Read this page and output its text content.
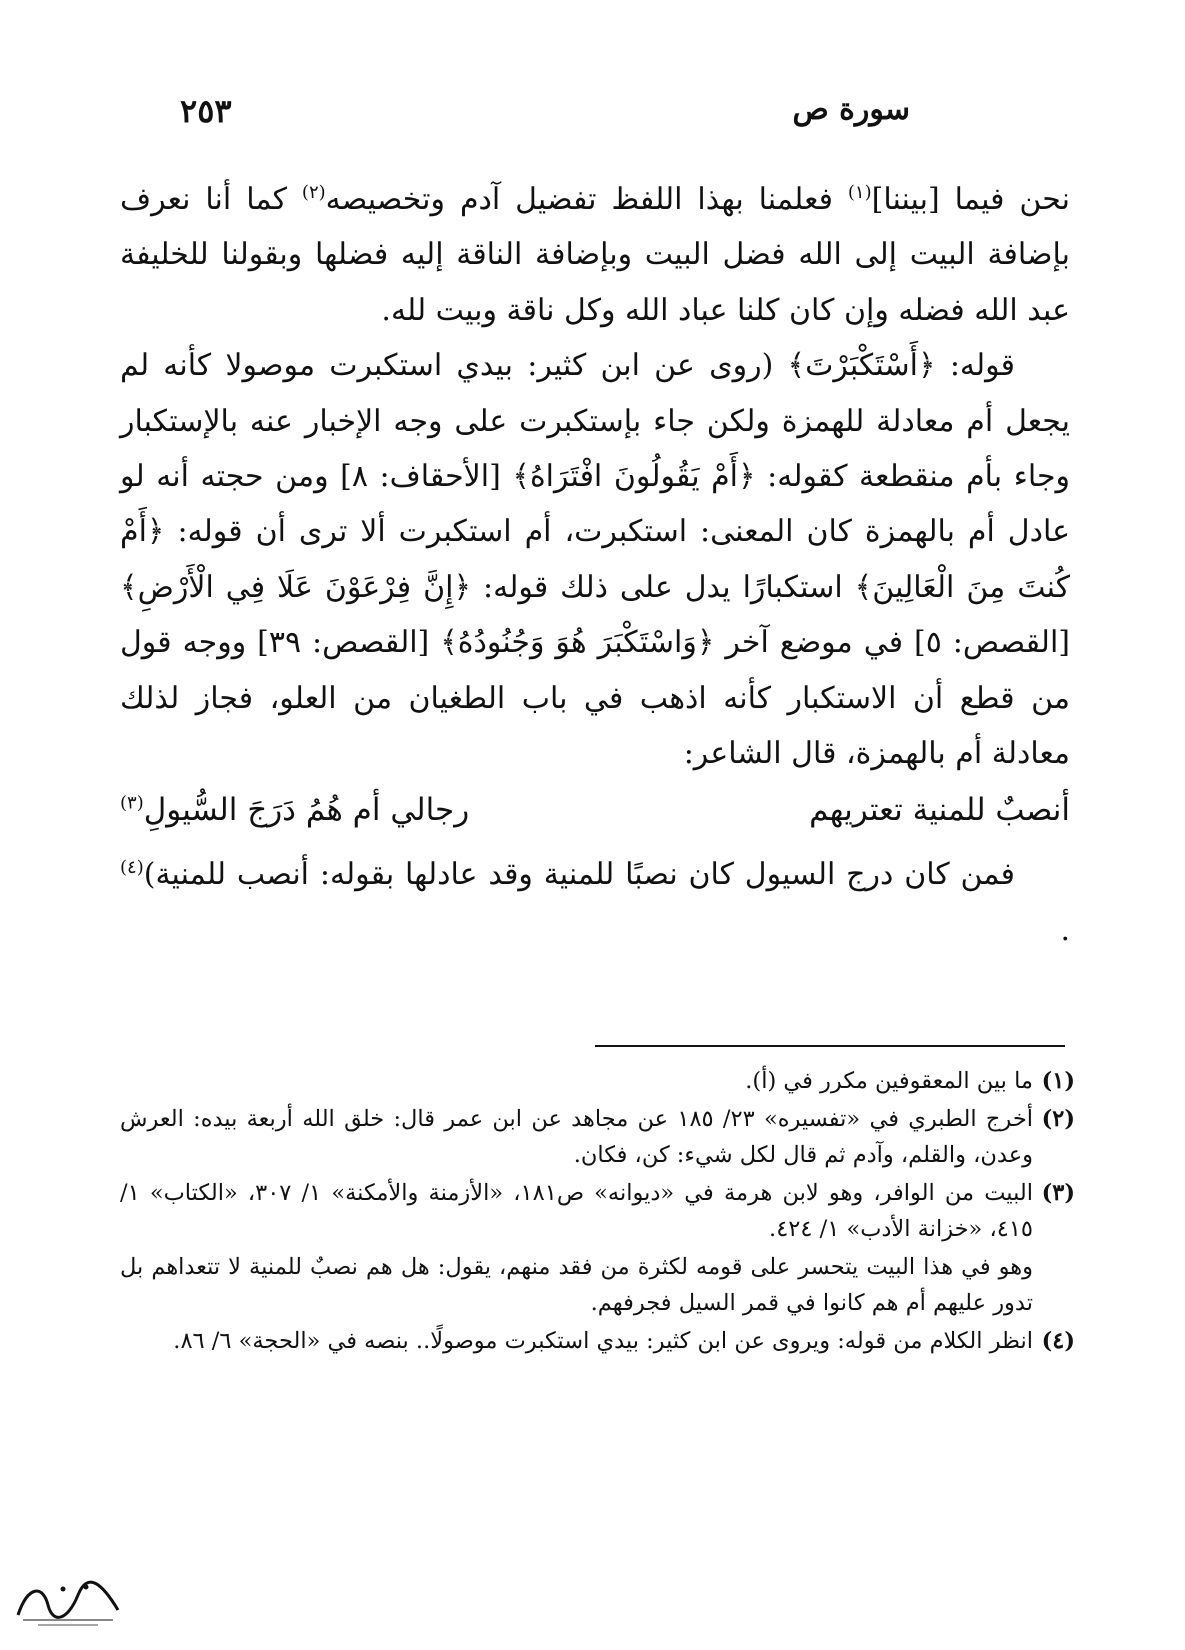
سورة ص
٢٥٣

نحن فيما [بيننا]$^{(١)}$ فعلمنا بهذا اللفظ تفضيل آدم وتخصيصه$^{(٢)}$ كما أنا نعرف بإضافة البيت إلى الله فضل البيت وبإضافة الناقة إليه فضلها وبقولنا للخليفة عبد الله فضله وإن كان كلنا عباد الله وكل ناقة وبيت لله.

قوله: ﴿أَسْتَكْبَرْتَ﴾ (روى عن ابن كثير: بيدي استكبرت موصولا كأنه لم يجعل أم معادلة للهمزة ولكن جاء بإستكبرت على وجه الإخبار عنه بالإستكبار وجاء بأم منقطعة كقوله: ﴿أَمْ يَقُولُونَ افْتَرَاهُ﴾ [الأحقاف: ٨] ومن حجته أنه لو عادل أم بالهمزة كان المعنى: استكبرت، أم استكبرت ألا ترى أن قوله: ﴿أَمْ كُنتَ مِنَ الْعَالِينَ﴾ استكبارًا يدل على ذلك قوله: ﴿إِنَّ فِرْعَوْنَ عَلَا فِي الْأَرْضِ﴾ [القصص: ٥] في موضع آخر ﴿وَاسْتَكْبَرَ هُوَ وَجُنُودُهُ﴾ [القصص: ٣٩] ووجه قول من قطع أن الاستكبار كأنه اذهب في باب الطغيان من العلو، فجاز لذلك معادلة أم بالهمزة، قال الشاعر:

أنصبٌ للمنية تعتريهم
رجالي أم هُمُ دَرَجَ السُّيولِ$^{(٣)}$

فمن كان درج السيول كان نصبًا للمنية وقد عادلها بقوله: أنصب للمنية)$^{(٤)}$ .

(١)
ما بين المعقوفين مكرر في (أ).
(٢)
أخرج الطبري في «تفسيره» ٢٣/ ١٨٥ عن مجاهد عن ابن عمر قال: خلق الله أربعة بيده: العرش وعدن، والقلم، وآدم ثم قال لكل شيء: كن، فكان.
(٣)
البيت من الوافر، وهو لابن هرمة في «ديوانه» ص١٨١، «الأزمنة والأمكنة» ١/ ٣٠٧، «الكتاب» ١/ ٤١٥، «خزانة الأدب» ١/ ٤٢٤.
وهو في هذا البيت يتحسر على قومه لكثرة من فقد منهم، يقول: هل هم نصبٌ للمنية لا تتعداهم بل تدور عليهم أم هم كانوا في قمر السيل فجرفهم.
(٤)
انظر الكلام من قوله: ويروى عن ابن كثير: بيدي استكبرت موصولًا.. بنصه في «الحجة» ٦/ ٨٦.
